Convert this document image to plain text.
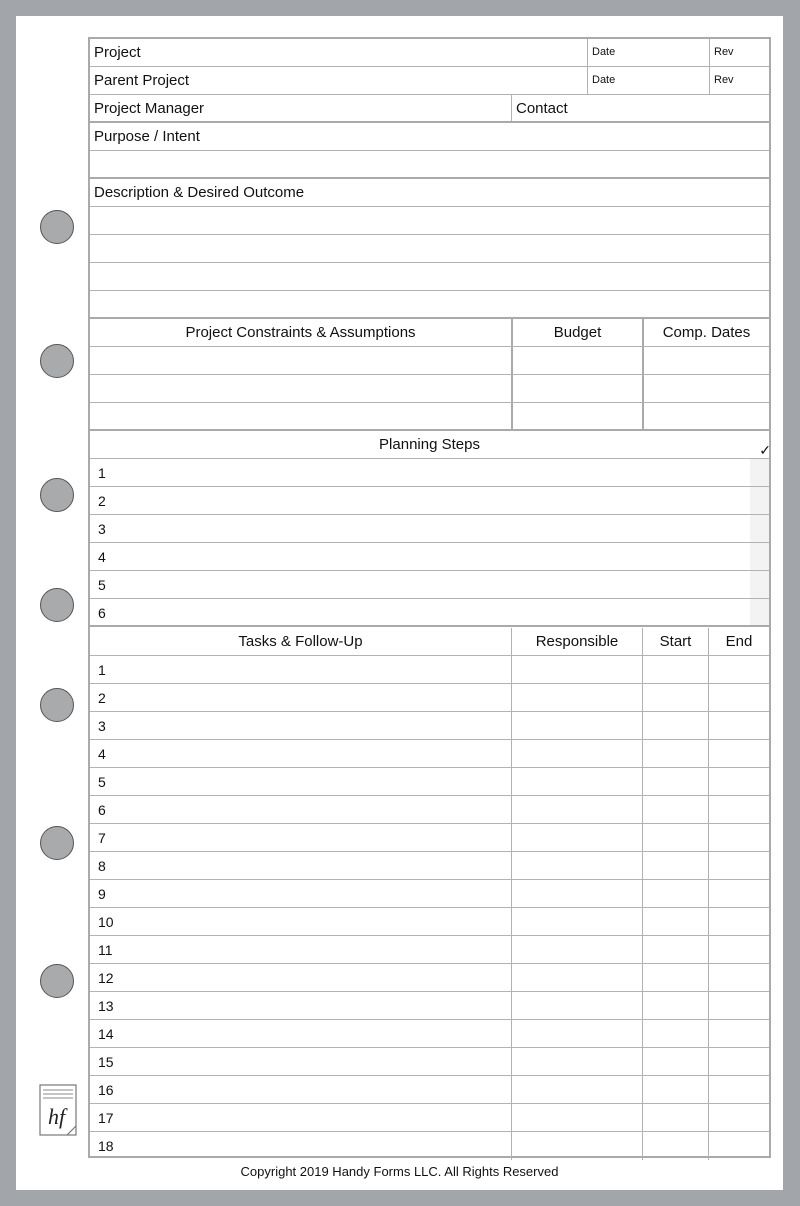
hf
Project	Date	Rev
Parent Project	Date	Rev
Project Manager	Contact
Purpose / Intent
Description & Desired Outcome
Project Constraints & Assumptions	Budget	Comp. Dates
Planning Steps	✓
1
2
3
4
5
6
Tasks & Follow-Up	Responsible	Start	End
1
2
3
4
5
6
7
8
9
10
11
12
13
14
15
16
17
18
Copyright 2019 Handy Forms LLC. All Rights Reserved
